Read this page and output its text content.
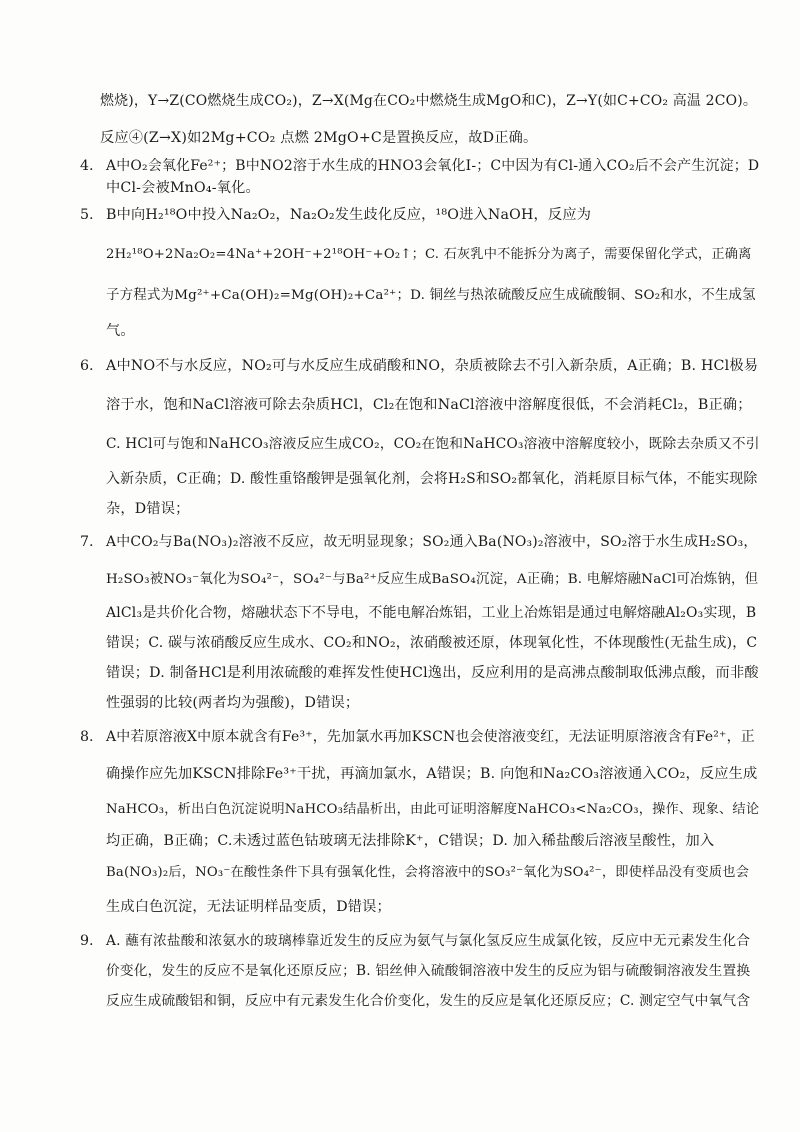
燃烧)，Y→Z(CO燃烧生成CO₂)，Z→X(Mg在CO₂中燃烧生成MgO和C)，Z→Y(如C+CO₂ 高温 2CO)。
反应④(Z→X)如2Mg+CO₂ 点燃 2MgO+C是置换反应，故D正确。
4. A中O₂会氧化Fe²⁺；B中NO2溶于水生成的HNO3会氧化I-；C中因为有Cl-通入CO₂后不会产生沉淀；D
中Cl-会被MnO₄-氧化。
5. B中向H₂¹⁸O中投入Na₂O₂，Na₂O₂发生歧化反应，¹⁸O进入NaOH，反应为
2H₂¹⁸O+2Na₂O₂=4Na⁺+2OH⁻+2¹⁸OH⁻+O₂↑；C. 石灰乳中不能拆分为离子，需要保留化学式，正确离
子方程式为Mg²⁺+Ca(OH)₂=Mg(OH)₂+Ca²⁺；D. 铜丝与热浓硫酸反应生成硫酸铜、SO₂和水，不生成氢
气。
6. A中NO不与水反应，NO₂可与水反应生成硝酸和NO，杂质被除去不引入新杂质，A正确；B. HCl极易
溶于水，饱和NaCl溶液可除去杂质HCl，Cl₂在饱和NaCl溶液中溶解度很低，不会消耗Cl₂，B正确；
C. HCl可与饱和NaHCO₃溶液反应生成CO₂，CO₂在饱和NaHCO₃溶液中溶解度较小，既除去杂质又不引
入新杂质，C正确；D. 酸性重铬酸钾是强氧化剂，会将H₂S和SO₂都氧化，消耗原目标气体，不能实现除
杂，D错误；
7. A中CO₂与Ba(NO₃)₂溶液不反应，故无明显现象；SO₂通入Ba(NO₃)₂溶液中，SO₂溶于水生成H₂SO₃，
H₂SO₃被NO₃⁻氧化为SO₄²⁻，SO₄²⁻与Ba²⁺反应生成BaSO₄沉淀，A正确；B. 电解熔融NaCl可冶炼钠，但
AlCl₃是共价化合物，熔融状态下不导电，不能电解冶炼铝，工业上冶炼铝是通过电解熔融Al₂O₃实现，B
错误；C. 碳与浓硝酸反应生成水、CO₂和NO₂，浓硝酸被还原，体现氧化性，不体现酸性(无盐生成)，C
错误；D. 制备HCl是利用浓硫酸的难挥发性使HCl逸出，反应利用的是高沸点酸制取低沸点酸，而非酸
性强弱的比较(两者均为强酸)，D错误；
8. A中若原溶液X中原本就含有Fe³⁺，先加氯水再加KSCN也会使溶液变红，无法证明原溶液含有Fe²⁺，正
确操作应先加KSCN排除Fe³⁺干扰，再滴加氯水，A错误；B. 向饱和Na₂CO₃溶液通入CO₂，反应生成
NaHCO₃，析出白色沉淀说明NaHCO₃结晶析出，由此可证明溶解度NaHCO₃<Na₂CO₃，操作、现象、结论
均正确，B正确；C.未透过蓝色钴玻璃无法排除K⁺，C错误；D. 加入稀盐酸后溶液呈酸性，加入
Ba(NO₃)₂后，NO₃⁻在酸性条件下具有强氧化性，会将溶液中的SO₃²⁻氧化为SO₄²⁻，即使样品没有变质也会
生成白色沉淀，无法证明样品变质，D错误；
9. A. 蘸有浓盐酸和浓氨水的玻璃棒靠近发生的反应为氨气与氯化氢反应生成氯化铵，反应中无元素发生化合
价变化，发生的反应不是氧化还原反应；B. 铝丝伸入硫酸铜溶液中发生的反应为铝与硫酸铜溶液发生置换
反应生成硫酸铝和铜，反应中有元素发生化合价变化，发生的反应是氧化还原反应；C. 测定空气中氧气含
